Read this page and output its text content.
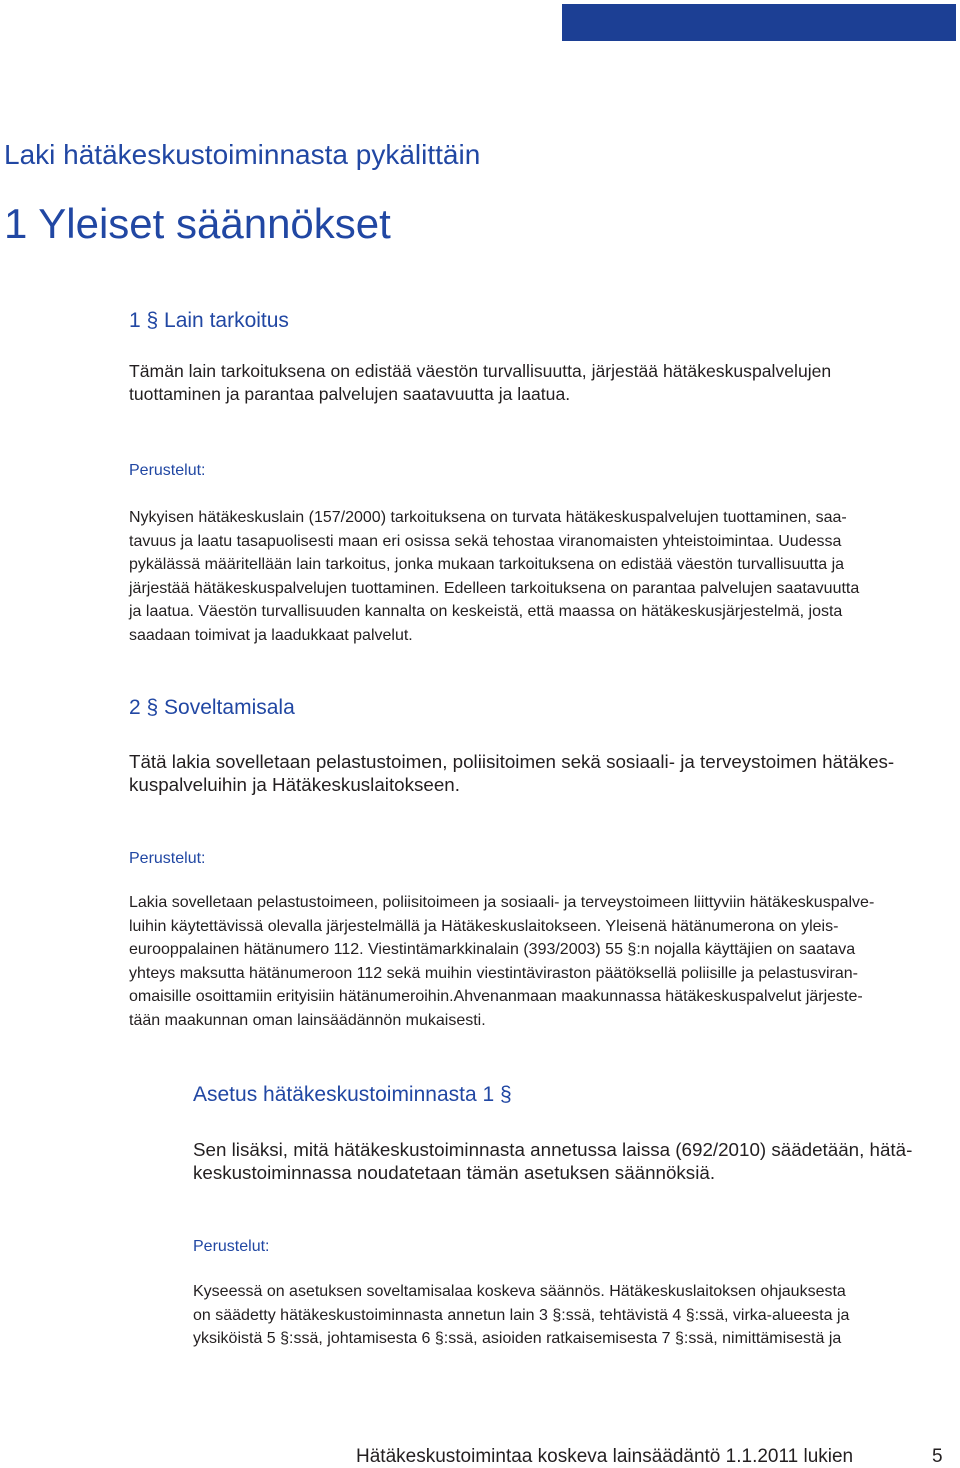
Laki hätäkeskustoiminnasta pykälittäin
1 Yleiset säännökset
1 § Lain tarkoitus
Tämän lain tarkoituksena on edistää väestön turvallisuutta, järjestää hätäkeskuspalvelujen
tuottaminen ja parantaa palvelujen saatavuutta ja laatua.
Perustelut:
Nykyisen hätäkeskuslain (157/2000) tarkoituksena on turvata hätäkeskuspalvelujen tuottaminen, saa-
tavuus ja laatu tasapuolisesti maan eri osissa sekä tehostaa viranomaisten yhteistoimintaa. Uudessa
pykälässä määritellään lain tarkoitus, jonka mukaan tarkoituksena on edistää väestön turvallisuutta ja
järjestää hätäkeskuspalvelujen tuottaminen. Edelleen tarkoituksena on parantaa palvelujen saatavuutta
ja laatua. Väestön turvallisuuden kannalta on keskeistä, että maassa on hätäkeskusjärjestelmä, josta
saadaan toimivat ja laadukkaat palvelut.
2 § Soveltamisala
Tätä lakia sovelletaan pelastustoimen, poliisitoimen sekä sosiaali- ja terveystoimen hätäkes-
kuspalveluihin ja Hätäkeskuslaitokseen.
Perustelut:
Lakia sovelletaan pelastustoimeen, poliisitoimeen ja sosiaali- ja terveystoimeen liittyviin hätäkeskuspalve-
luihin käytettävissä olevalla järjestelmällä ja Hätäkeskuslaitokseen. Yleisenä hätänumerona on yleis-
eurooppalainen hätänumero 112. Viestintämarkkinalain (393/2003) 55 §:n nojalla käyttäjien on saatava
yhteys maksutta hätänumeroon 112 sekä muihin viestintäviraston päätöksellä poliisille ja pelastusviran-
omaisille osoittamiin erityisiin hätänumeroihin.Ahvenanmaan maakunnassa hätäkeskuspalvelut järjeste-
tään maakunnan oman lainsäädännön mukaisesti.
Asetus hätäkeskustoiminnasta 1 §
Sen lisäksi, mitä hätäkeskustoiminnasta annetussa laissa (692/2010) säädetään, hätä-
keskustoiminnassa noudatetaan tämän asetuksen säännöksiä.
Perustelut:
Kyseessä on asetuksen soveltamisalaa koskeva säännös. Hätäkeskuslaitoksen ohjauksesta
on säädetty hätäkeskustoiminnasta annetun lain 3 §:ssä, tehtävistä 4 §:ssä, virka-alueesta ja
yksiköistä 5 §:ssä, johtamisesta 6 §:ssä, asioiden ratkaisemisesta 7 §:ssä, nimittämisestä ja
Hätäkeskustoimintaa koskeva lainsäädäntö 1.1.2011 lukien	5
